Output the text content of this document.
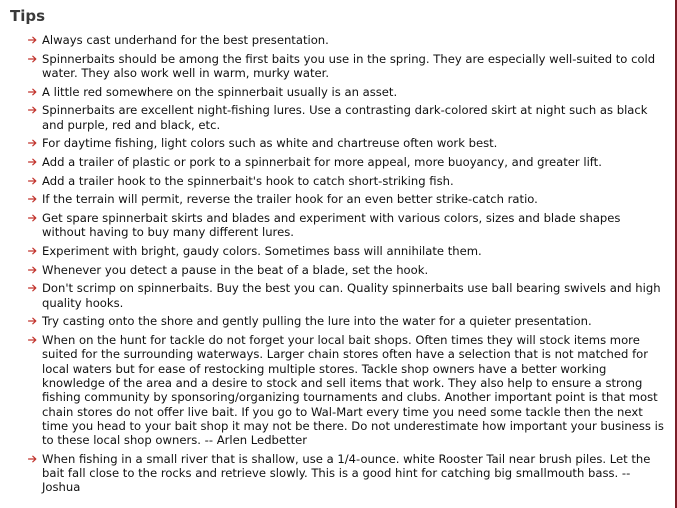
Tips
Always cast underhand for the best presentation.
Spinnerbaits should be among the first baits you use in the spring. They are especially well-suited to cold water. They also work well in warm, murky water.
A little red somewhere on the spinnerbait usually is an asset.
Spinnerbaits are excellent night-fishing lures. Use a contrasting dark-colored skirt at night such as black and purple, red and black, etc.
For daytime fishing, light colors such as white and chartreuse often work best.
Add a trailer of plastic or pork to a spinnerbait for more appeal, more buoyancy, and greater lift.
Add a trailer hook to the spinnerbait's hook to catch short-striking fish.
If the terrain will permit, reverse the trailer hook for an even better strike-catch ratio.
Get spare spinnerbait skirts and blades and experiment with various colors, sizes and blade shapes without having to buy many different lures.
Experiment with bright, gaudy colors. Sometimes bass will annihilate them.
Whenever you detect a pause in the beat of a blade, set the hook.
Don't scrimp on spinnerbaits. Buy the best you can. Quality spinnerbaits use ball bearing swivels and high quality hooks.
Try casting onto the shore and gently pulling the lure into the water for a quieter presentation.
When on the hunt for tackle do not forget your local bait shops. Often times they will stock items more suited for the surrounding waterways. Larger chain stores often have a selection that is not matched for local waters but for ease of restocking multiple stores. Tackle shop owners have a better working knowledge of the area and a desire to stock and sell items that work. They also help to ensure a strong fishing community by sponsoring/organizing tournaments and clubs. Another important point is that most chain stores do not offer live bait. If you go to Wal-Mart every time you need some tackle then the next time you head to your bait shop it may not be there. Do not underestimate how important your business is to these local shop owners. -- Arlen Ledbetter
When fishing in a small river that is shallow, use a 1/4-ounce. white Rooster Tail near brush piles. Let the bait fall close to the rocks and retrieve slowly. This is a good hint for catching big smallmouth bass. -- Joshua
